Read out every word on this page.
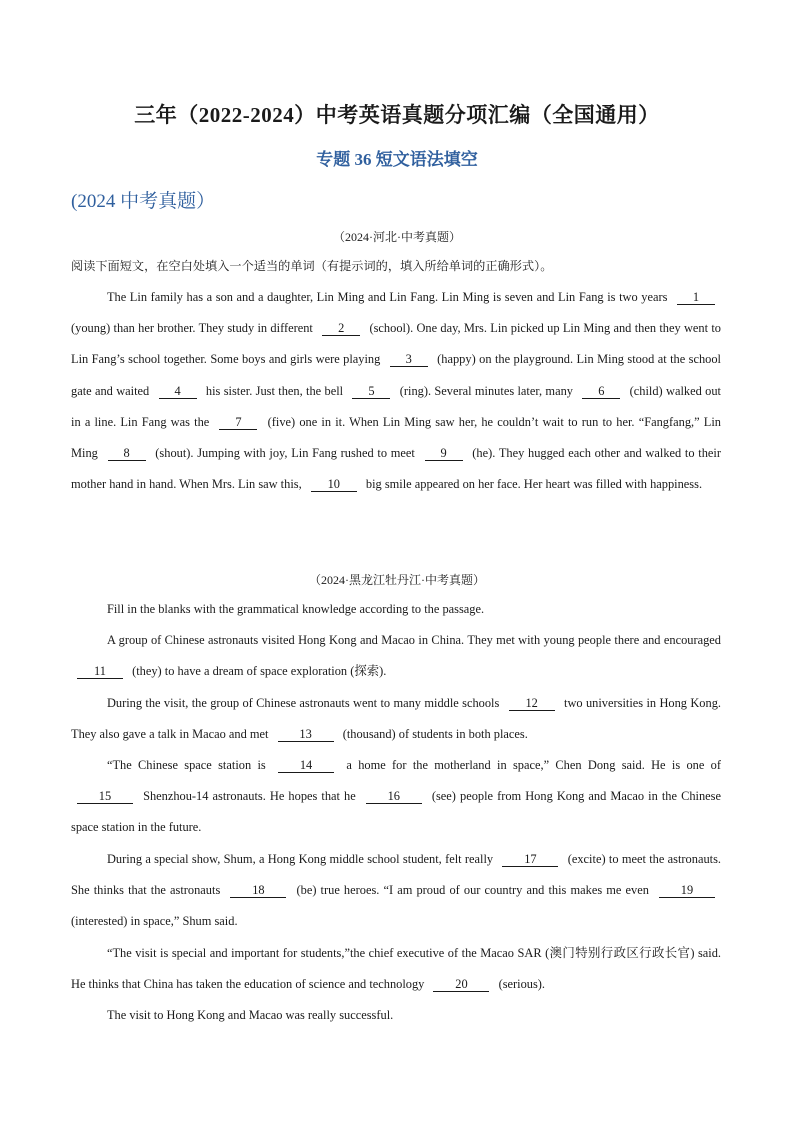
三年（2022-2024）中考英语真题分项汇编（全国通用）
专题 36 短文语法填空
(2024 中考真题）
（2024·河北·中考真题）
阅读下面短文，在空白处填入一个适当的单词（有提示词的，填入所给单词的正确形式）。
The Lin family has a son and a daughter, Lin Ming and Lin Fang. Lin Ming is seven and Lin Fang is two years 1 (young) than her brother. They study in different 2 (school). One day, Mrs. Lin picked up Lin Ming and then they went to Lin Fang’s school together. Some boys and girls were playing 3 (happy) on the playground. Lin Ming stood at the school gate and waited 4 his sister. Just then, the bell 5 (ring). Several minutes later, many 6 (child) walked out in a line. Lin Fang was the 7 (five) one in it. When Lin Ming saw her, he couldn’t wait to run to her. “Fangfang,” Lin Ming 8 (shout). Jumping with joy, Lin Fang rushed to meet 9 (he). They hugged each other and walked to their mother hand in hand. When Mrs. Lin saw this, 10 big smile appeared on her face. Her heart was filled with happiness.
（2024·黑龙江牡丹江·中考真题）
Fill in the blanks with the grammatical knowledge according to the passage.
A group of Chinese astronauts visited Hong Kong and Macao in China. They met with young people there and encouraged 11 (they) to have a dream of space exploration (探索).
During the visit, the group of Chinese astronauts went to many middle schools 12 two universities in Hong Kong. They also gave a talk in Macao and met 13 (thousand) of students in both places.
“The Chinese space station is 14 a home for the motherland in space,” Chen Dong said. He is one of 15 Shenzhou-14 astronauts. He hopes that he 16 (see) people from Hong Kong and Macao in the Chinese space station in the future.
During a special show, Shum, a Hong Kong middle school student, felt really 17 (excite) to meet the astronauts. She thinks that the astronauts 18 (be) true heroes. “I am proud of our country and this makes me even 19 (interested) in space,” Shum said.
“The visit is special and important for students,”the chief executive of the Macao SAR (澳门特别行政区行政长官) said. He thinks that China has taken the education of science and technology 20 (serious).
The visit to Hong Kong and Macao was really successful.
